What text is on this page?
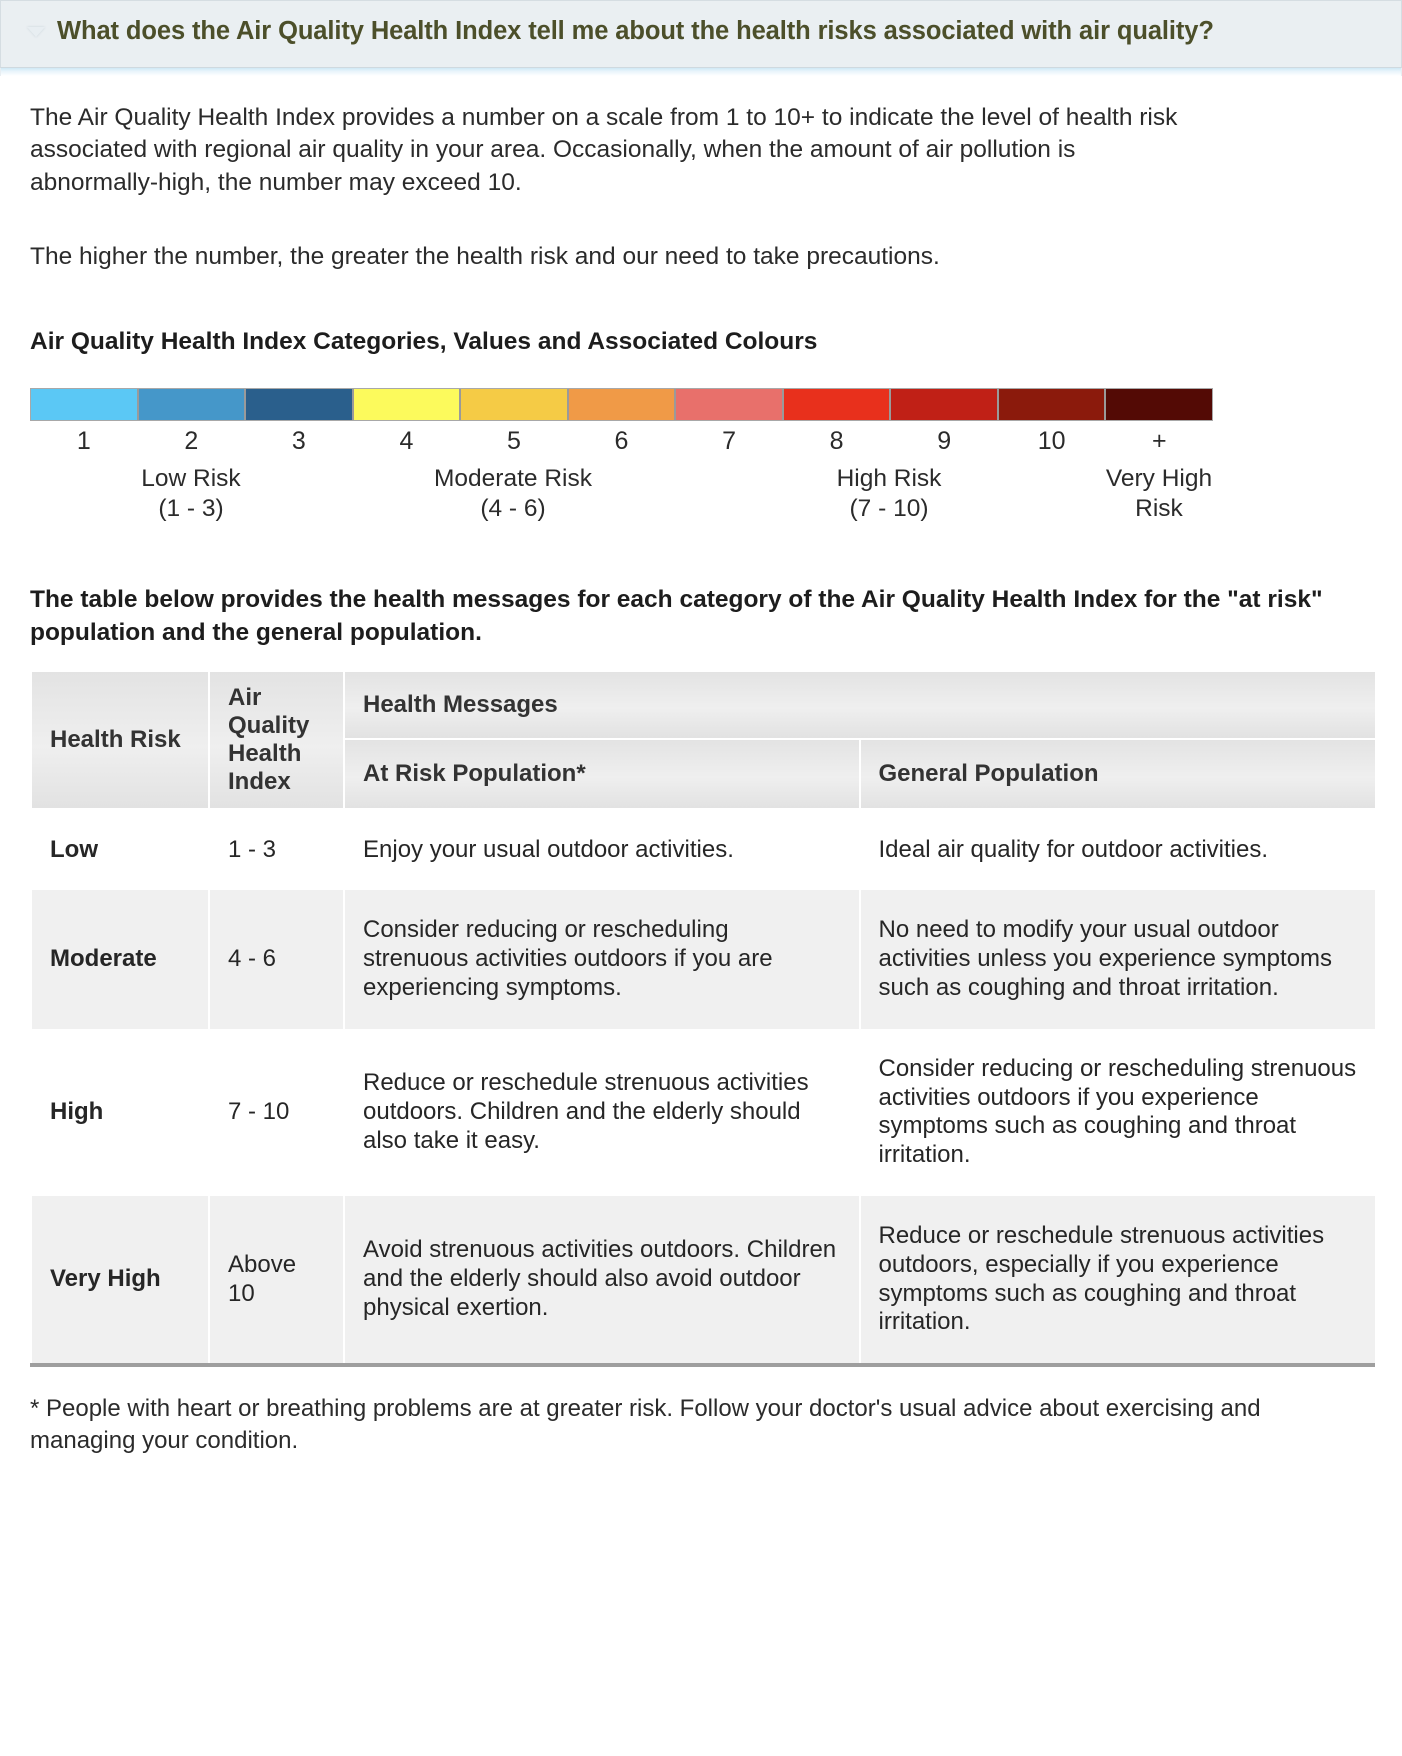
What does the Air Quality Health Index tell me about the health risks associated with air quality?

The Air Quality Health Index provides a number on a scale from 1 to 10+ to indicate the level of health risk associated with regional air quality in your area. Occasionally, when the amount of air pollution is abnormally-high, the number may exceed 10.

The higher the number, the greater the health risk and our need to take precautions.

Air Quality Health Index Categories, Values and Associated Colours
1	2	3	4	5	6	7	8	9	10	+
Low Risk
(1 - 3)
Moderate Risk
(4 - 6)
High Risk
(7 - 10)
Very High Risk

The table below provides the health messages for each category of the Air Quality Health Index for the "at risk" population and the general population.

Health Risk	Air Quality Health Index	Health Messages	
		At Risk Population*	General Population
Low	1 - 3	Enjoy your usual outdoor activities.	Ideal air quality for outdoor activities.
Moderate	4 - 6	Consider reducing or rescheduling strenuous activities outdoors if you are experiencing symptoms.	No need to modify your usual outdoor activities unless you experience symptoms such as coughing and throat irritation.
High	7 - 10	Reduce or reschedule strenuous activities outdoors. Children and the elderly should also take it easy.	Consider reducing or rescheduling strenuous activities outdoors if you experience symptoms such as coughing and throat irritation.
Very High	Above 10	Avoid strenuous activities outdoors. Children and the elderly should also avoid outdoor physical exertion.	Reduce or reschedule strenuous activities outdoors, especially if you experience symptoms such as coughing and throat irritation.

* People with heart or breathing problems are at greater risk. Follow your doctor's usual advice about exercising and managing your condition.
